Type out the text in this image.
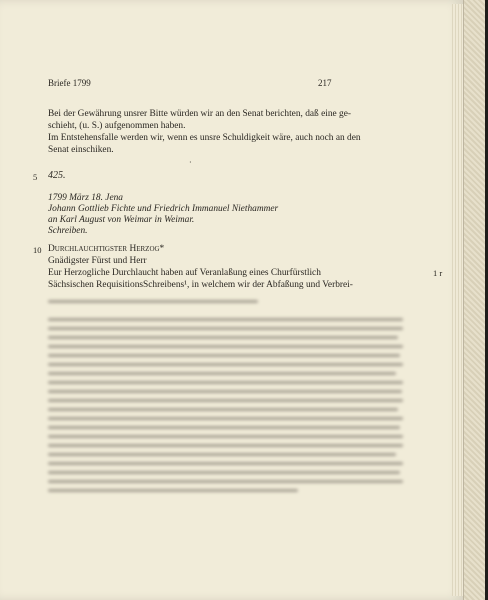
Briefe 1799	217
Bei der Gewährung unsrer Bitte würden wir an den Senat berichten, daß eine ge-
schieht, (u. S.) aufgenommen haben.
Im Entstehensfalle werden wir, wenn es unsre Schuldigkeit wäre, auch noch an den
Senat einschiken.
·
5 425.
1799 März 18. Jena
Johann Gottlieb Fichte und Friedrich Immanuel Niethammer
an Karl August von Weimar in Weimar.
Schreiben.
10 Durchlauchtigster Herzog*
Gnädigster Fürst und Herr
Eur Herzogliche Durchlaucht haben auf Veranlaßung eines Churfürstlich
Sächsischen RequisitionsSchreibens¹, in welchem wir der Abfaßung und Verbrei-
1 r
